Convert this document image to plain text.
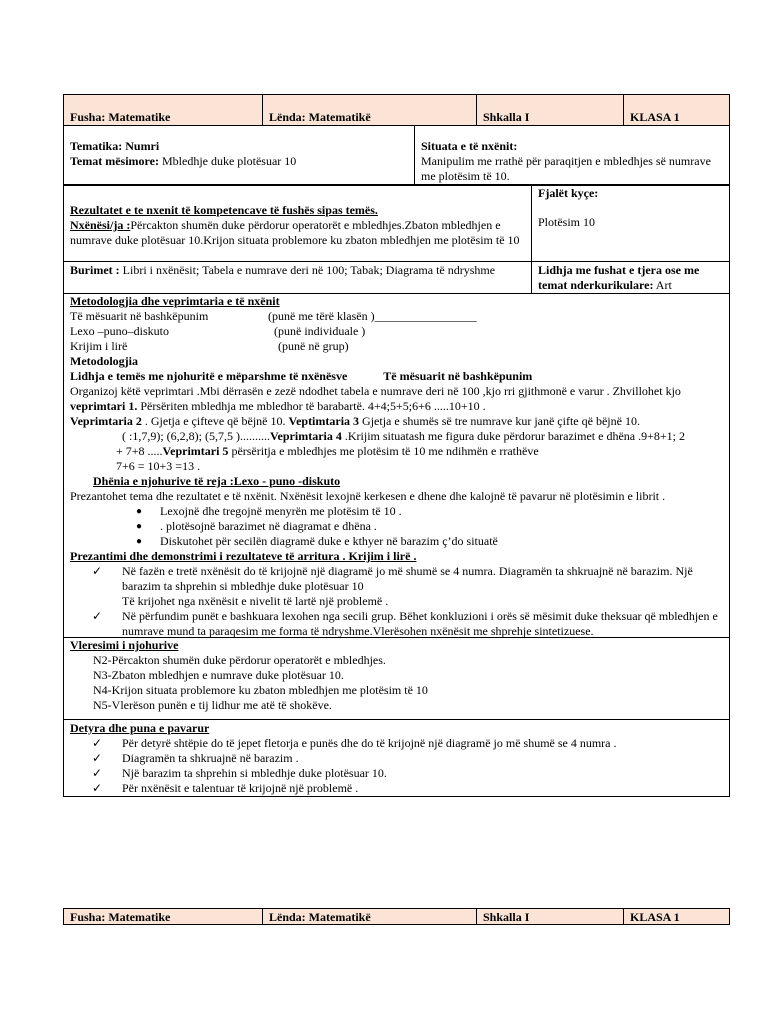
Fusha: Matematike	Lënda: Matematikë	Shkalla I	KLASA 1
Tematika: Numri
Temat mësimore: Mbledhje duke plotësuar 10
Situata e të nxënit:
Manipulim me rrathë për paraqitjen e mbledhjes së numrave me plotësim të 10.
Rezultatet e te nxenit të kompetencave të fushës sipas temës.
Nxënësi/ja :Përcakton shumën duke përdorur operatorët e mbledhjes.Zbaton mbledhjen e numrave duke plotësuar 10.Krijon situata problemore ku zbaton mbledhjen me plotësim të 10
Fjalët kyçe:
Plotësim 10
Burimet : Libri i nxënësit; Tabela e numrave deri në 100; Tabak; Diagrama të ndryshme	Lidhja me fushat e tjera ose me temat nderkurikulare: Art
Metodologjia dhe veprimtaria e të nxënit
Të mësuarit në bashkëpunim	(punë me tërë klasën )_________________
Lexo –puno–diskuto	(punë individuale )
Krijim i lirë	(punë në grup)
Metodologjia
Lidhja e temës me njohuritë e mëparshme të nxënësve	Të mësuarit në bashkëpunim
Organizoj këtë veprimtari .Mbi dërrasën e zezë ndodhet tabela e numrave deri në 100 ,kjo rri gjithmonë e varur . Zhvillohet kjo
veprimtari 1. Përsëriten mbledhja me mbledhor të barabartë. 4+4;5+5;6+6 .....10+10 .
Veprimtaria 2 . Gjetja e çifteve që bëjnë 10. Veptimtaria 3 Gjetja e shumës së tre numrave kur janë çifte që bëjnë 10.
( :1,7,9); (6,2,8); (5,7,5 )..........Veprimtaria 4 .Krijim situatash me figura duke përdorur barazimet e dhëna .9+8+1; 2
+ 7+8 .....Veprimtari 5 përsëritja e mbledhjes me plotësim të 10 me ndihmën e rrathëve
7+6 = 10+3 =13 .
Dhënia e njohurive të reja :Lexo - puno -diskuto
Prezantohet tema dhe rezultatet e të nxënit. Nxënësit lexojnë kerkesen e dhene dhe kalojnë të pavarur në plotësimin e librit .
● Lexojnë dhe tregojnë menyrën me plotësim të 10 .
● . plotësojnë barazimet në diagramat e dhëna .
● Diskutohet për secilën diagramë duke e kthyer në barazim ç’do situatë
Prezantimi dhe demonstrimi i rezultateve të arritura . Krijim i lirë .
✓ Në fazën e tretë nxënësit do të krijojnë një diagramë jo më shumë se 4 numra. Diagramën ta shkruajnë në barazim. Një barazim ta shprehin si mbledhje duke plotësuar 10
Të krijohet nga nxënësit e nivelit të lartë një problemë .
✓ Në përfundim punët e bashkuara lexohen nga secili grup. Bëhet konkluzioni i orës së mësimit duke theksuar që mbledhjen e numrave mund ta paraqesim me forma të ndryshme.Vlerësohen nxënësit me shprehje sintetizuese.
Vleresimi i njohurive
N2-Përcakton shumën duke përdorur operatorët e mbledhjes.
N3-Zbaton mbledhjen e numrave duke plotësuar 10.
N4-Krijon situata problemore ku zbaton mbledhjen me plotësim të 10
N5-Vlerëson punën e tij lidhur me atë të shokëve.
Detyra dhe puna e pavarur
✓ Për detyrë shtëpie do të jepet fletorja e punës dhe do të krijojnë një diagramë jo më shumë se 4 numra .
✓ Diagramën ta shkruajnë në barazim .
✓ Një barazim ta shprehin si mbledhje duke plotësuar 10.
✓ Për nxënësit e talentuar të krijojnë një problemë .
Fusha: Matematike	Lënda: Matematikë	Shkalla I	KLASA 1
